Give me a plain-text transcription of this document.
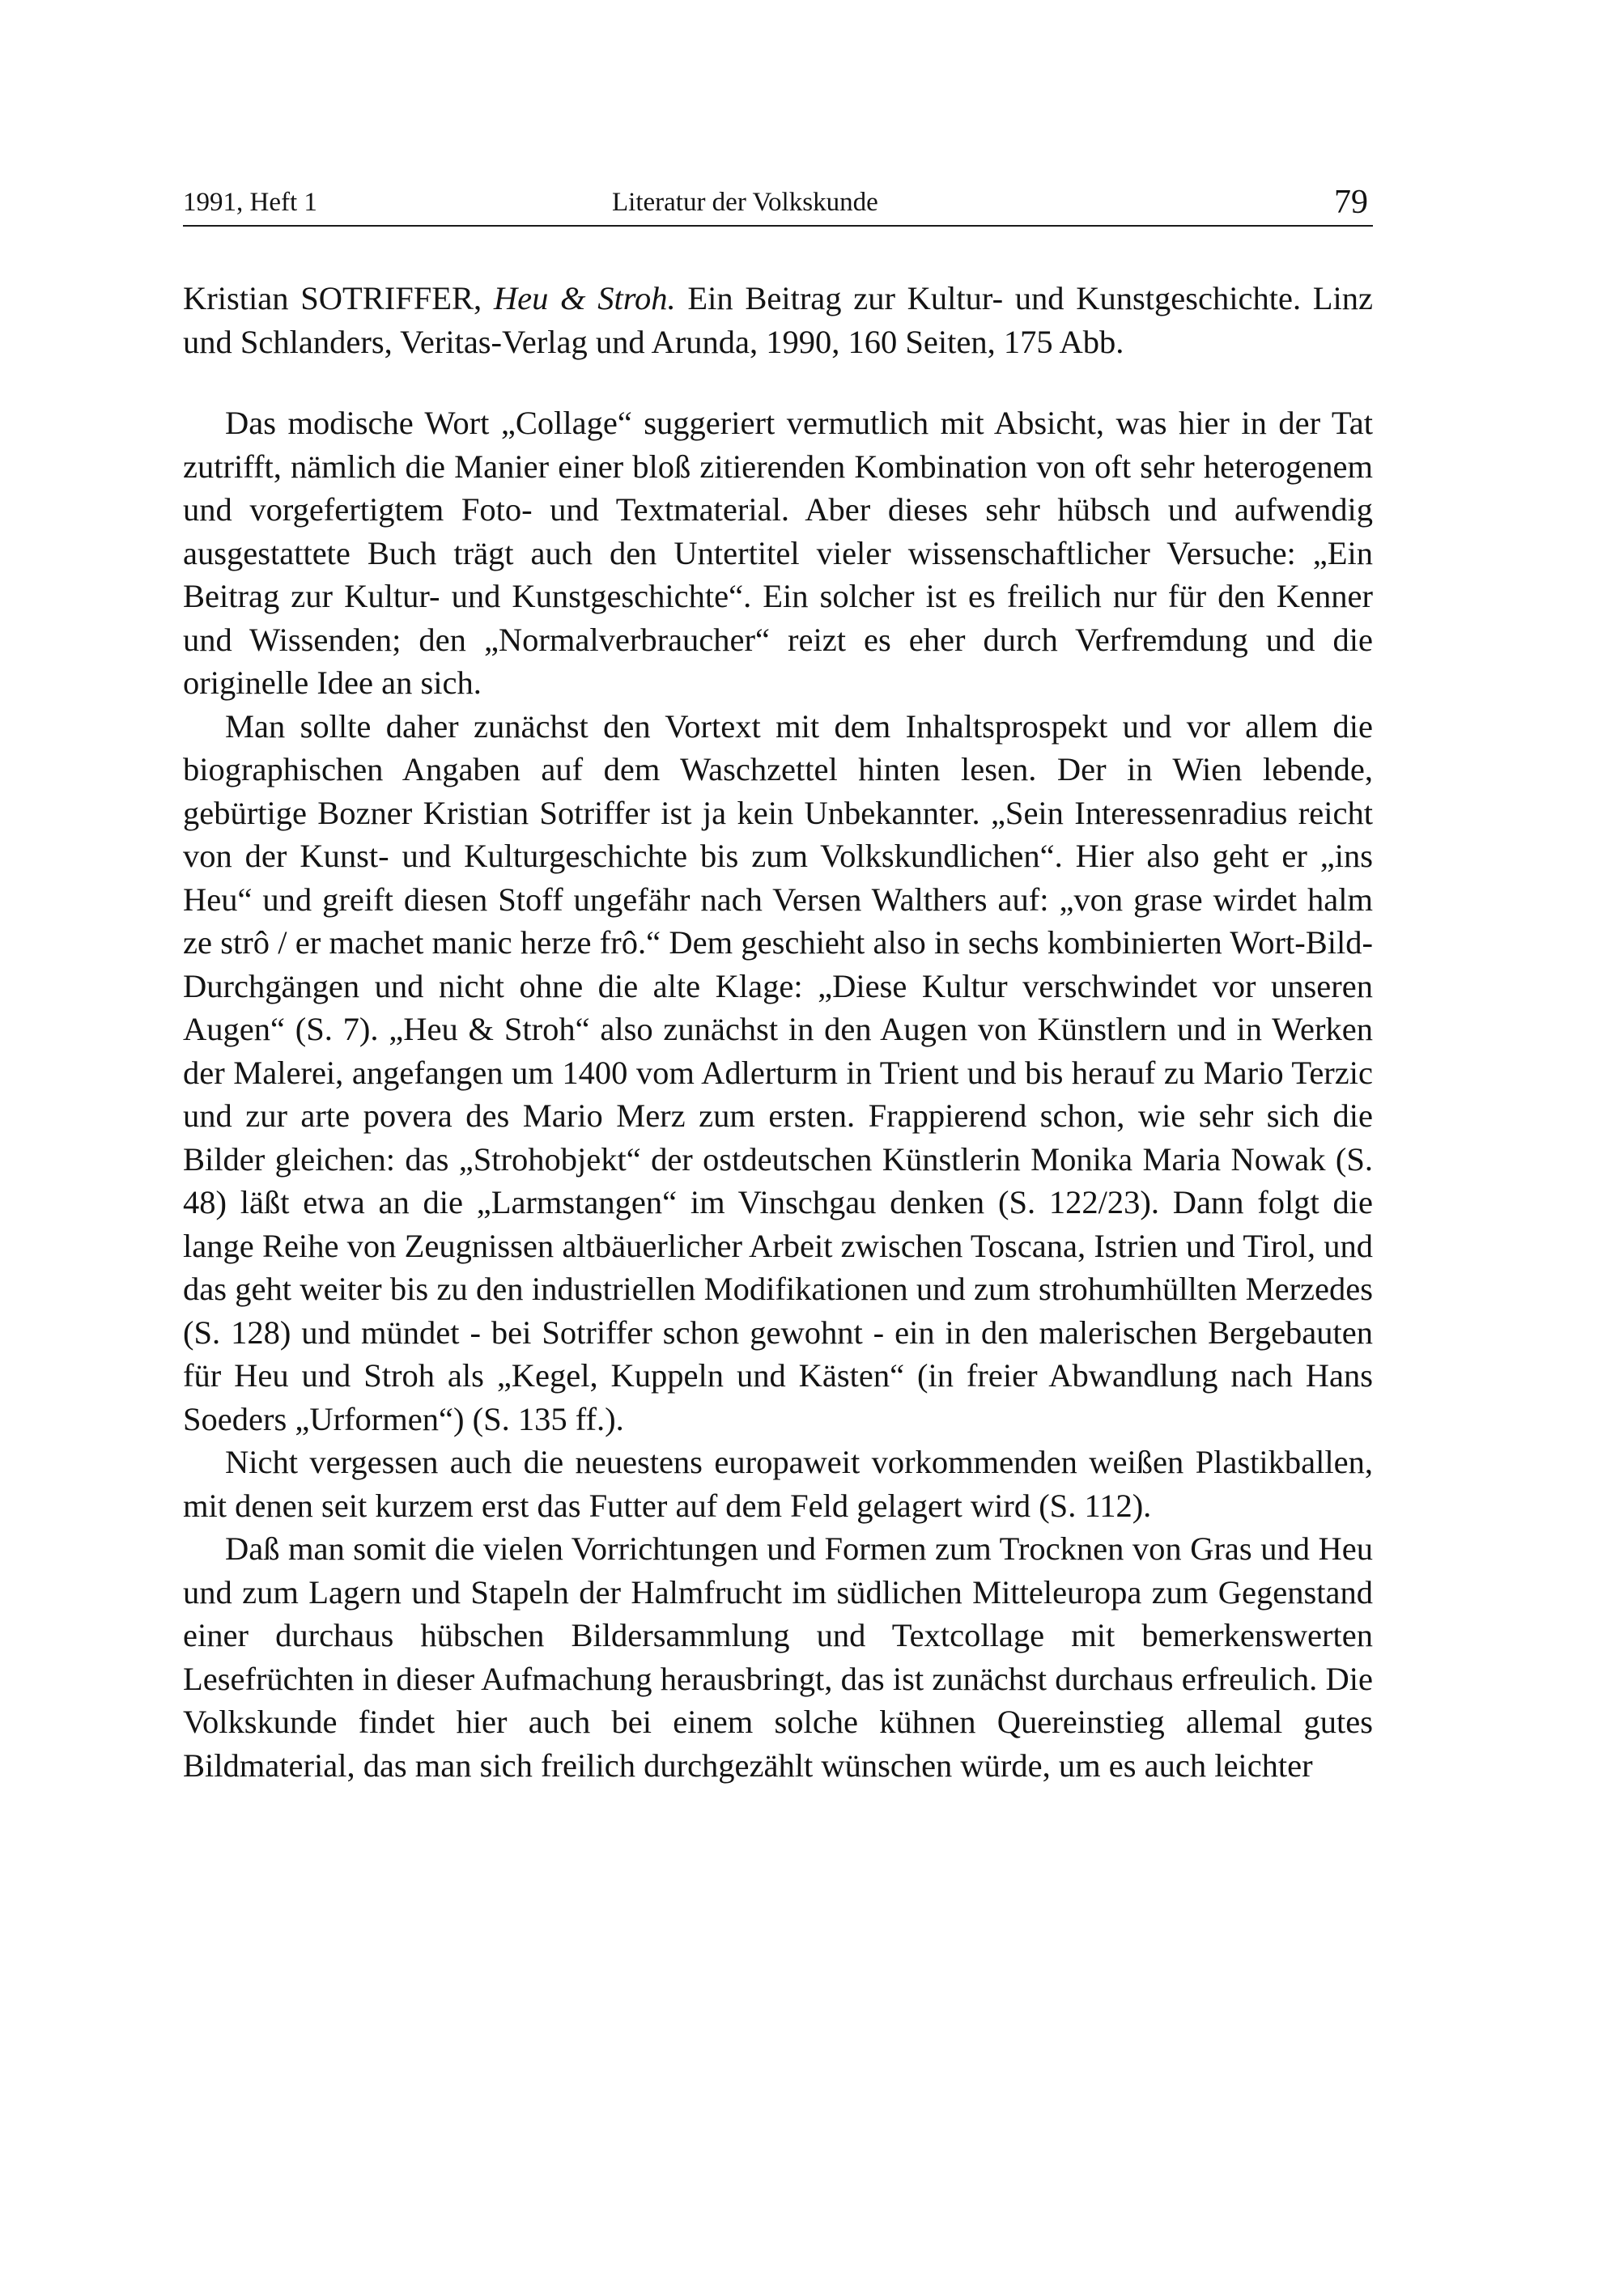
1991, Heft 1	Literatur der Volkskunde	79
Kristian SOTRIFFER, Heu & Stroh. Ein Beitrag zur Kultur- und Kunstgeschichte. Linz und Schlanders, Veritas-Verlag und Arunda, 1990, 160 Seiten, 175 Abb.

Das modische Wort „Collage“ suggeriert vermutlich mit Absicht, was hier in der Tat zutrifft, nämlich die Manier einer bloß zitierenden Kombination von oft sehr heterogenem und vorgefertigtem Foto- und Textmaterial. Aber dieses sehr hübsch und aufwendig ausgestattete Buch trägt auch den Untertitel vieler wissenschaftlicher Versuche: „Ein Beitrag zur Kultur- und Kunstgeschichte“. Ein solcher ist es freilich nur für den Kenner und Wissenden; den „Normalverbraucher“ reizt es eher durch Verfremdung und die originelle Idee an sich.

Man sollte daher zunächst den Vortext mit dem Inhaltsprospekt und vor allem die biographischen Angaben auf dem Waschzettel hinten lesen. Der in Wien lebende, gebürtige Bozner Kristian Sotriffer ist ja kein Unbekannter. „Sein Interessenradius reicht von der Kunst- und Kulturgeschichte bis zum Volkskundlichen“. Hier also geht er „ins Heu“ und greift diesen Stoff ungefähr nach Versen Walthers auf: „von grase wirdet halm ze strô / er machet manic herze frô.“ Dem geschieht also in sechs kombinierten Wort-Bild-Durchgängen und nicht ohne die alte Klage: „Diese Kultur verschwindet vor unseren Augen“ (S. 7). „Heu & Stroh“ also zunächst in den Augen von Künstlern und in Werken der Malerei, angefangen um 1400 vom Adlerturm in Trient und bis herauf zu Mario Terzic und zur arte povera des Mario Merz zum ersten. Frappierend schon, wie sehr sich die Bilder gleichen: das „Strohobjekt“ der ostdeutschen Künstlerin Monika Maria Nowak (S. 48) läßt etwa an die „Larmstangen“ im Vinschgau denken (S. 122/23). Dann folgt die lange Reihe von Zeugnissen altbäuerlicher Arbeit zwischen Toscana, Istrien und Tirol, und das geht weiter bis zu den industriellen Modifikationen und zum strohumhüllten Merzedes (S. 128) und mündet - bei Sotriffer schon gewohnt - ein in den malerischen Bergebauten für Heu und Stroh als „Kegel, Kuppeln und Kästen“ (in freier Abwandlung nach Hans Soeders „Urformen“) (S. 135 ff.).

Nicht vergessen auch die neuestens europaweit vorkommenden weißen Plastikballen, mit denen seit kurzem erst das Futter auf dem Feld gelagert wird (S. 112).

Daß man somit die vielen Vorrichtungen und Formen zum Trocknen von Gras und Heu und zum Lagern und Stapeln der Halmfrucht im südlichen Mitteleuropa zum Gegenstand einer durchaus hübschen Bildersammlung und Textcollage mit bemerkenswerten Lesefrüchten in dieser Aufmachung herausbringt, das ist zunächst durchaus erfreulich. Die Volkskunde findet hier auch bei einem solche kühnen Quereinstieg allemal gutes Bildmaterial, das man sich freilich durchgezählt wünschen würde, um es auch leichter
